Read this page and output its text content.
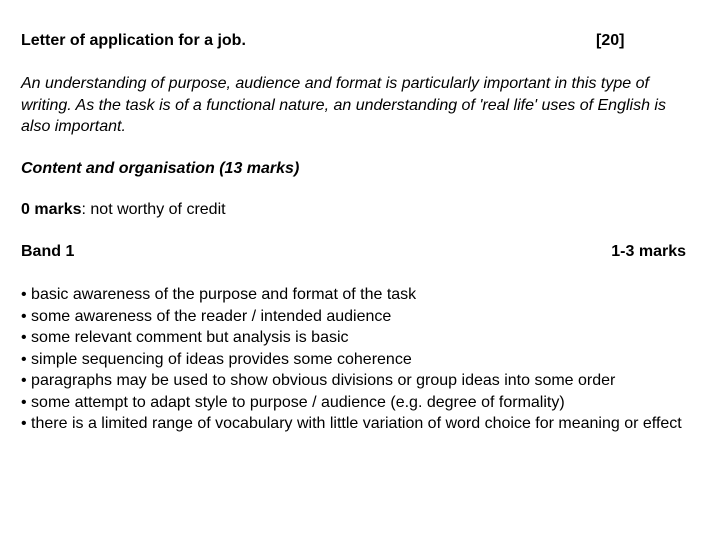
Letter of application for a job.	[20]
An understanding of purpose, audience and format is particularly important in this type of writing. As the task is of a functional nature, an understanding of 'real life' uses of English is also important.
Content and organisation (13 marks)
0 marks: not worthy of credit
Band 1	1-3 marks
• basic awareness of the purpose and format of the task
• some awareness of the reader / intended audience
• some relevant comment but analysis is basic
• simple sequencing of ideas provides some coherence
• paragraphs may be used to show obvious divisions or group ideas into some order
• some attempt to adapt style to purpose / audience (e.g. degree of formality)
• there is a limited range of vocabulary with little variation of word choice for meaning or effect
